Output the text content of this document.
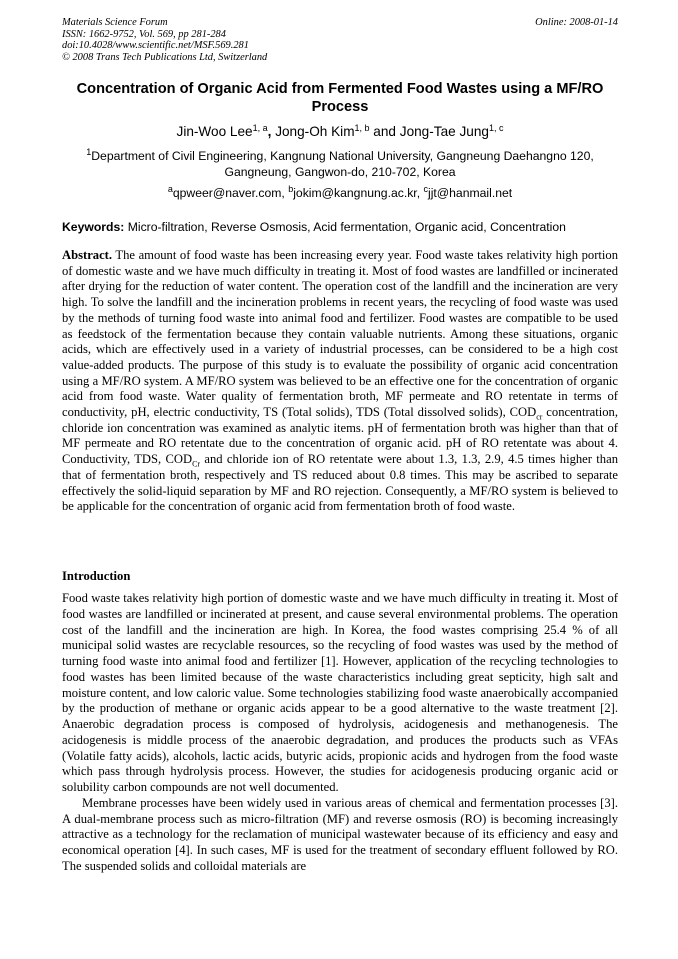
Materials Science Forum
ISSN: 1662-9752, Vol. 569, pp 281-284
doi:10.4028/www.scientific.net/MSF.569.281
© 2008 Trans Tech Publications Ltd, Switzerland
Online: 2008-01-14
Concentration of Organic Acid from Fermented Food Wastes using a MF/RO Process
Jin-Woo Lee$^{1, a}$, Jong-Oh Kim$^{1, b}$ and Jong-Tae Jung$^{1, c}$
$^1$Department of Civil Engineering, Kangnung National University, Gangneung Daehangno 120, Gangneung, Gangwon-do, 210-702, Korea
$^a$qpweer@naver.com, $^b$jokim@kangnung.ac.kr, $^c$jjt@hanmail.net
Keywords: Micro-filtration, Reverse Osmosis, Acid fermentation, Organic acid, Concentration
Abstract. The amount of food waste has been increasing every year. Food waste takes relativity high portion of domestic waste and we have much difficulty in treating it. Most of food wastes are landfilled or incinerated after drying for the reduction of water content. The operation cost of the landfill and the incineration are very high. To solve the landfill and the incineration problems in recent years, the recycling of food waste was used by the methods of turning food waste into animal food and fertilizer. Food wastes are compatible to be used as feedstock of the fermentation because they contain valuable nutrients. Among these situations, organic acids, which are effectively used in a variety of industrial processes, can be considered to be a high cost value-added products. The purpose of this study is to evaluate the possibility of organic acid concentration using a MF/RO system. A MF/RO system was believed to be an effective one for the concentration of organic acid from food waste. Water quality of fermentation broth, MF permeate and RO retentate in terms of conductivity, pH, electric conductivity, TS (Total solids), TDS (Total dissolved solids), $COD_{cr}$ concentration, chloride ion concentration was examined as analytic items. pH of fermentation broth was higher than that of MF permeate and RO retentate due to the concentration of organic acid. pH of RO retentate was about 4. Conductivity, TDS, $COD_{Cr}$ and chloride ion of RO retentate were about 1.3, 1.3, 2.9, 4.5 times higher than that of fermentation broth, respectively and TS reduced about 0.8 times. This may be ascribed to separate effectively the solid-liquid separation by MF and RO rejection. Consequently, a MF/RO system is believed to be applicable for the concentration of organic acid from fermentation broth of food waste.
Introduction

Food waste takes relativity high portion of domestic waste and we have much difficulty in treating it. Most of food wastes are landfilled or incinerated at present, and cause several environmental problems. The operation cost of the landfill and the incineration are high. In Korea, the food wastes comprising 25.4 % of all municipal solid wastes are recyclable resources, so the recycling of food wastes was used by the method of turning food waste into animal food and fertilizer [1]. However, application of the recycling technologies to food wastes has been limited because of the waste characteristics including great septicity, high salt and moisture content, and low caloric value. Some technologies stabilizing food waste anaerobically accompanied by the production of methane or organic acids appear to be a good alternative to the waste treatment [2]. Anaerobic degradation process is composed of hydrolysis, acidogenesis and methanogenesis. The acidogenesis is middle process of the anaerobic degradation, and produces the products such as VFAs (Volatile fatty acids), alcohols, lactic acids, butyric acids, propionic acids and hydrogen from the food waste which pass through hydrolysis process. However, the studies for acidogenesis producing organic acid or solubility carbon compounds are not well documented.

Membrane processes have been widely used in various areas of chemical and fermentation processes [3]. A dual-membrane process such as micro-filtration (MF) and reverse osmosis (RO) is becoming increasingly attractive as a technology for the reclamation of municipal wastewater because of its efficiency and easy and economical operation [4]. In such cases, MF is used for the treatment of secondary effluent followed by RO. The suspended solids and colloidal materials are
